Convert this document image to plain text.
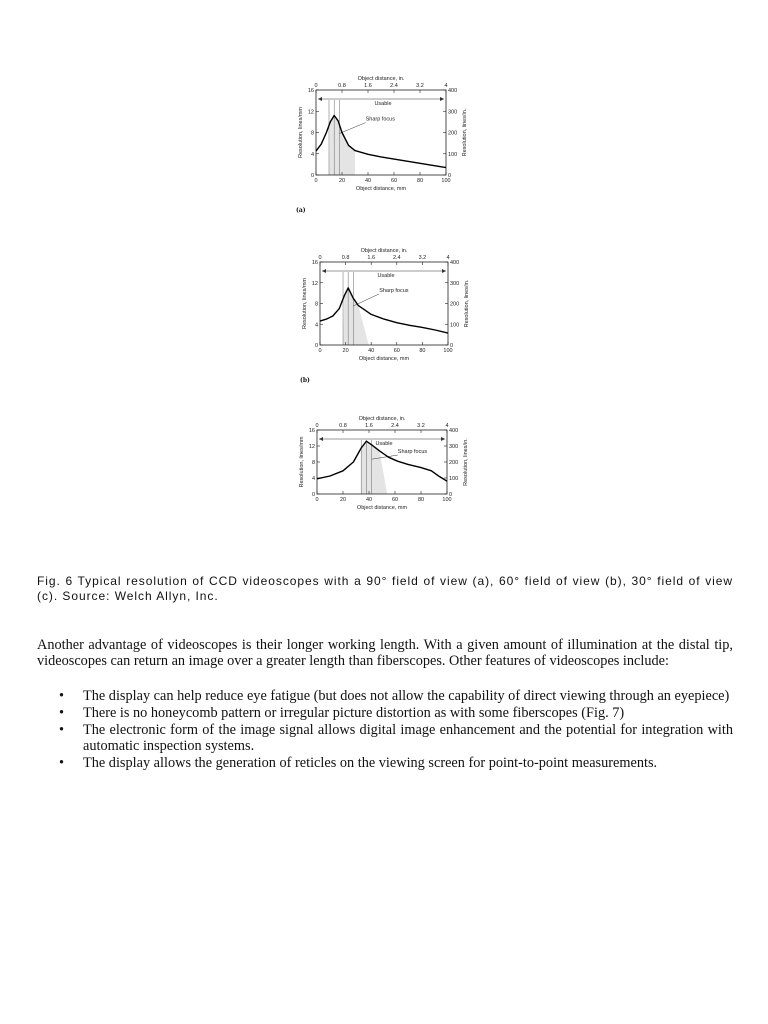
0	20	40	60	80	100
0	0.8	1.6	2.4	3.2	4
0
4
8
12
16
0
100
200
300
400
Object distance, mm
Object distance, in.
Resolution, lines/mm	Resolution, lines/in.
Usable
Sharp focus
(a)
0	20	40	60	80	100
0	0.8	1.6	2.4	3.2	4
0
4
8
12
16
0
100
200
300
400
Object distance, mm
Object distance, in.
Resolution, lines/mm	Resolution, lines/in.
Usable
Sharp focus
(b)
0	20	40	60	80	100
0	0.8	1.6	2.4	3.2	4
0
4
8
12
16
0
100
200
300
400
Object distance, mm
Object distance, in.
Resolution, lines/mm	Resolution, lines/in.
Usable
Sharp focus
Fig. 6 Typical resolution of CCD videoscopes with a 90° field of view (a), 60° field of view (b), 30° field of view (c). Source: Welch Allyn, Inc.
Another advantage of videoscopes is their longer working length. With a given amount of illumination at the distal tip, videoscopes can return an image over a greater length than fiberscopes. Other features of videoscopes include:
• The display can help reduce eye fatigue (but does not allow the capability of direct viewing through an eyepiece)
• There is no honeycomb pattern or irregular picture distortion as with some fiberscopes (Fig. 7)
• The electronic form of the image signal allows digital image enhancement and the potential for integration with automatic inspection systems.
• The display allows the generation of reticles on the viewing screen for point-to-point measurements.
